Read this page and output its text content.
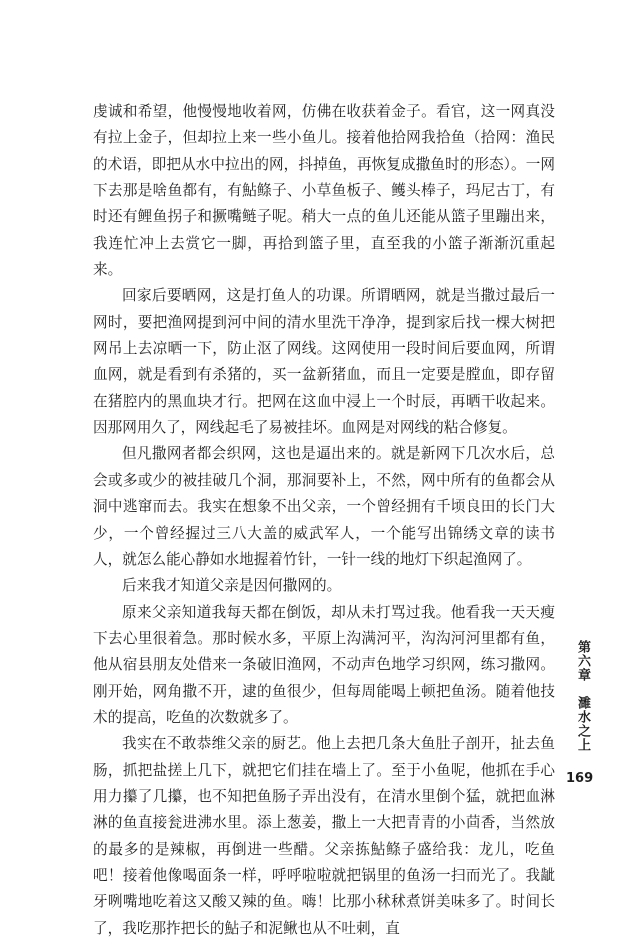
虔诚和希望，他慢慢地收着网，仿佛在收获着金子。看官，这一网真没有拉上金子，但却拉上来一些小鱼儿。接着他拾网我拾鱼（拾网：渔民的术语，即把从水中拉出的网，抖掉鱼，再恢复成撒鱼时的形态）。一网下去那是啥鱼都有，有鮎鲦子、小草鱼板子、鳠头棒子，玛尼古丁，有时还有鲤鱼拐子和撅嘴鲢子呢。稍大一点的鱼儿还能从篮子里蹦出来，我连忙冲上去赏它一脚，再拾到篮子里，直至我的小篮子渐渐沉重起来。

回家后要晒网，这是打鱼人的功课。所谓晒网，就是当撒过最后一网时，要把渔网提到河中间的清水里洗干净净，提到家后找一棵大树把网吊上去凉晒一下，防止沤了网线。这网使用一段时间后要血网，所谓血网，就是看到有杀猪的，买一盆新猪血，而且一定要是膛血，即存留在猪腔内的黑血块才行。把网在这血中浸上一个时辰，再晒干收起来。因那网用久了，网线起毛了易被挂坏。血网是对网线的粘合修复。

但凡撒网者都会织网，这也是逼出来的。就是新网下几次水后，总会或多或少的被挂破几个洞，那洞要补上，不然，网中所有的鱼都会从洞中逃窜而去。我实在想象不出父亲，一个曾经拥有千顷良田的长门大少，一个曾经握过三八大盖的威武军人，一个能写出锦绣文章的读书人，就怎么能心静如水地握着竹针，一针一线的地灯下织起渔网了。

后来我才知道父亲是因何撒网的。

原来父亲知道我每天都在倒饭，却从未打骂过我。他看我一天天瘦下去心里很着急。那时候水多，平原上沟满河平，沟沟河河里都有鱼，他从宿县朋友处借来一条破旧渔网，不动声色地学习织网，练习撒网。刚开始，网角撒不开，逮的鱼很少，但每周能喝上顿把鱼汤。随着他技术的提高，吃鱼的次数就多了。

我实在不敢恭维父亲的厨艺。他上去把几条大鱼肚子剖开，扯去鱼肠，抓把盐搓上几下，就把它们挂在墙上了。至于小鱼呢，他抓在手心用力攥了几攥，也不知把鱼肠子弄出没有，在清水里倒个猛，就把血淋淋的鱼直接瓮进沸水里。添上葱姜，撒上一大把青青的小茴香，当然放的最多的是辣椒，再倒进一些醋。父亲拣鮎鲦子盛给我：龙儿，吃鱼吧！接着他像喝面条一样，呼呼啦啦就把锅里的鱼汤一扫而光了。我龇牙咧嘴地吃着这又酸又辣的鱼。嗨！比那小秫秫煮饼美味多了。时间长了，我吃那拃把长的鮎子和泥鳅也从不吐刺，直

第六章濉水之上
169
